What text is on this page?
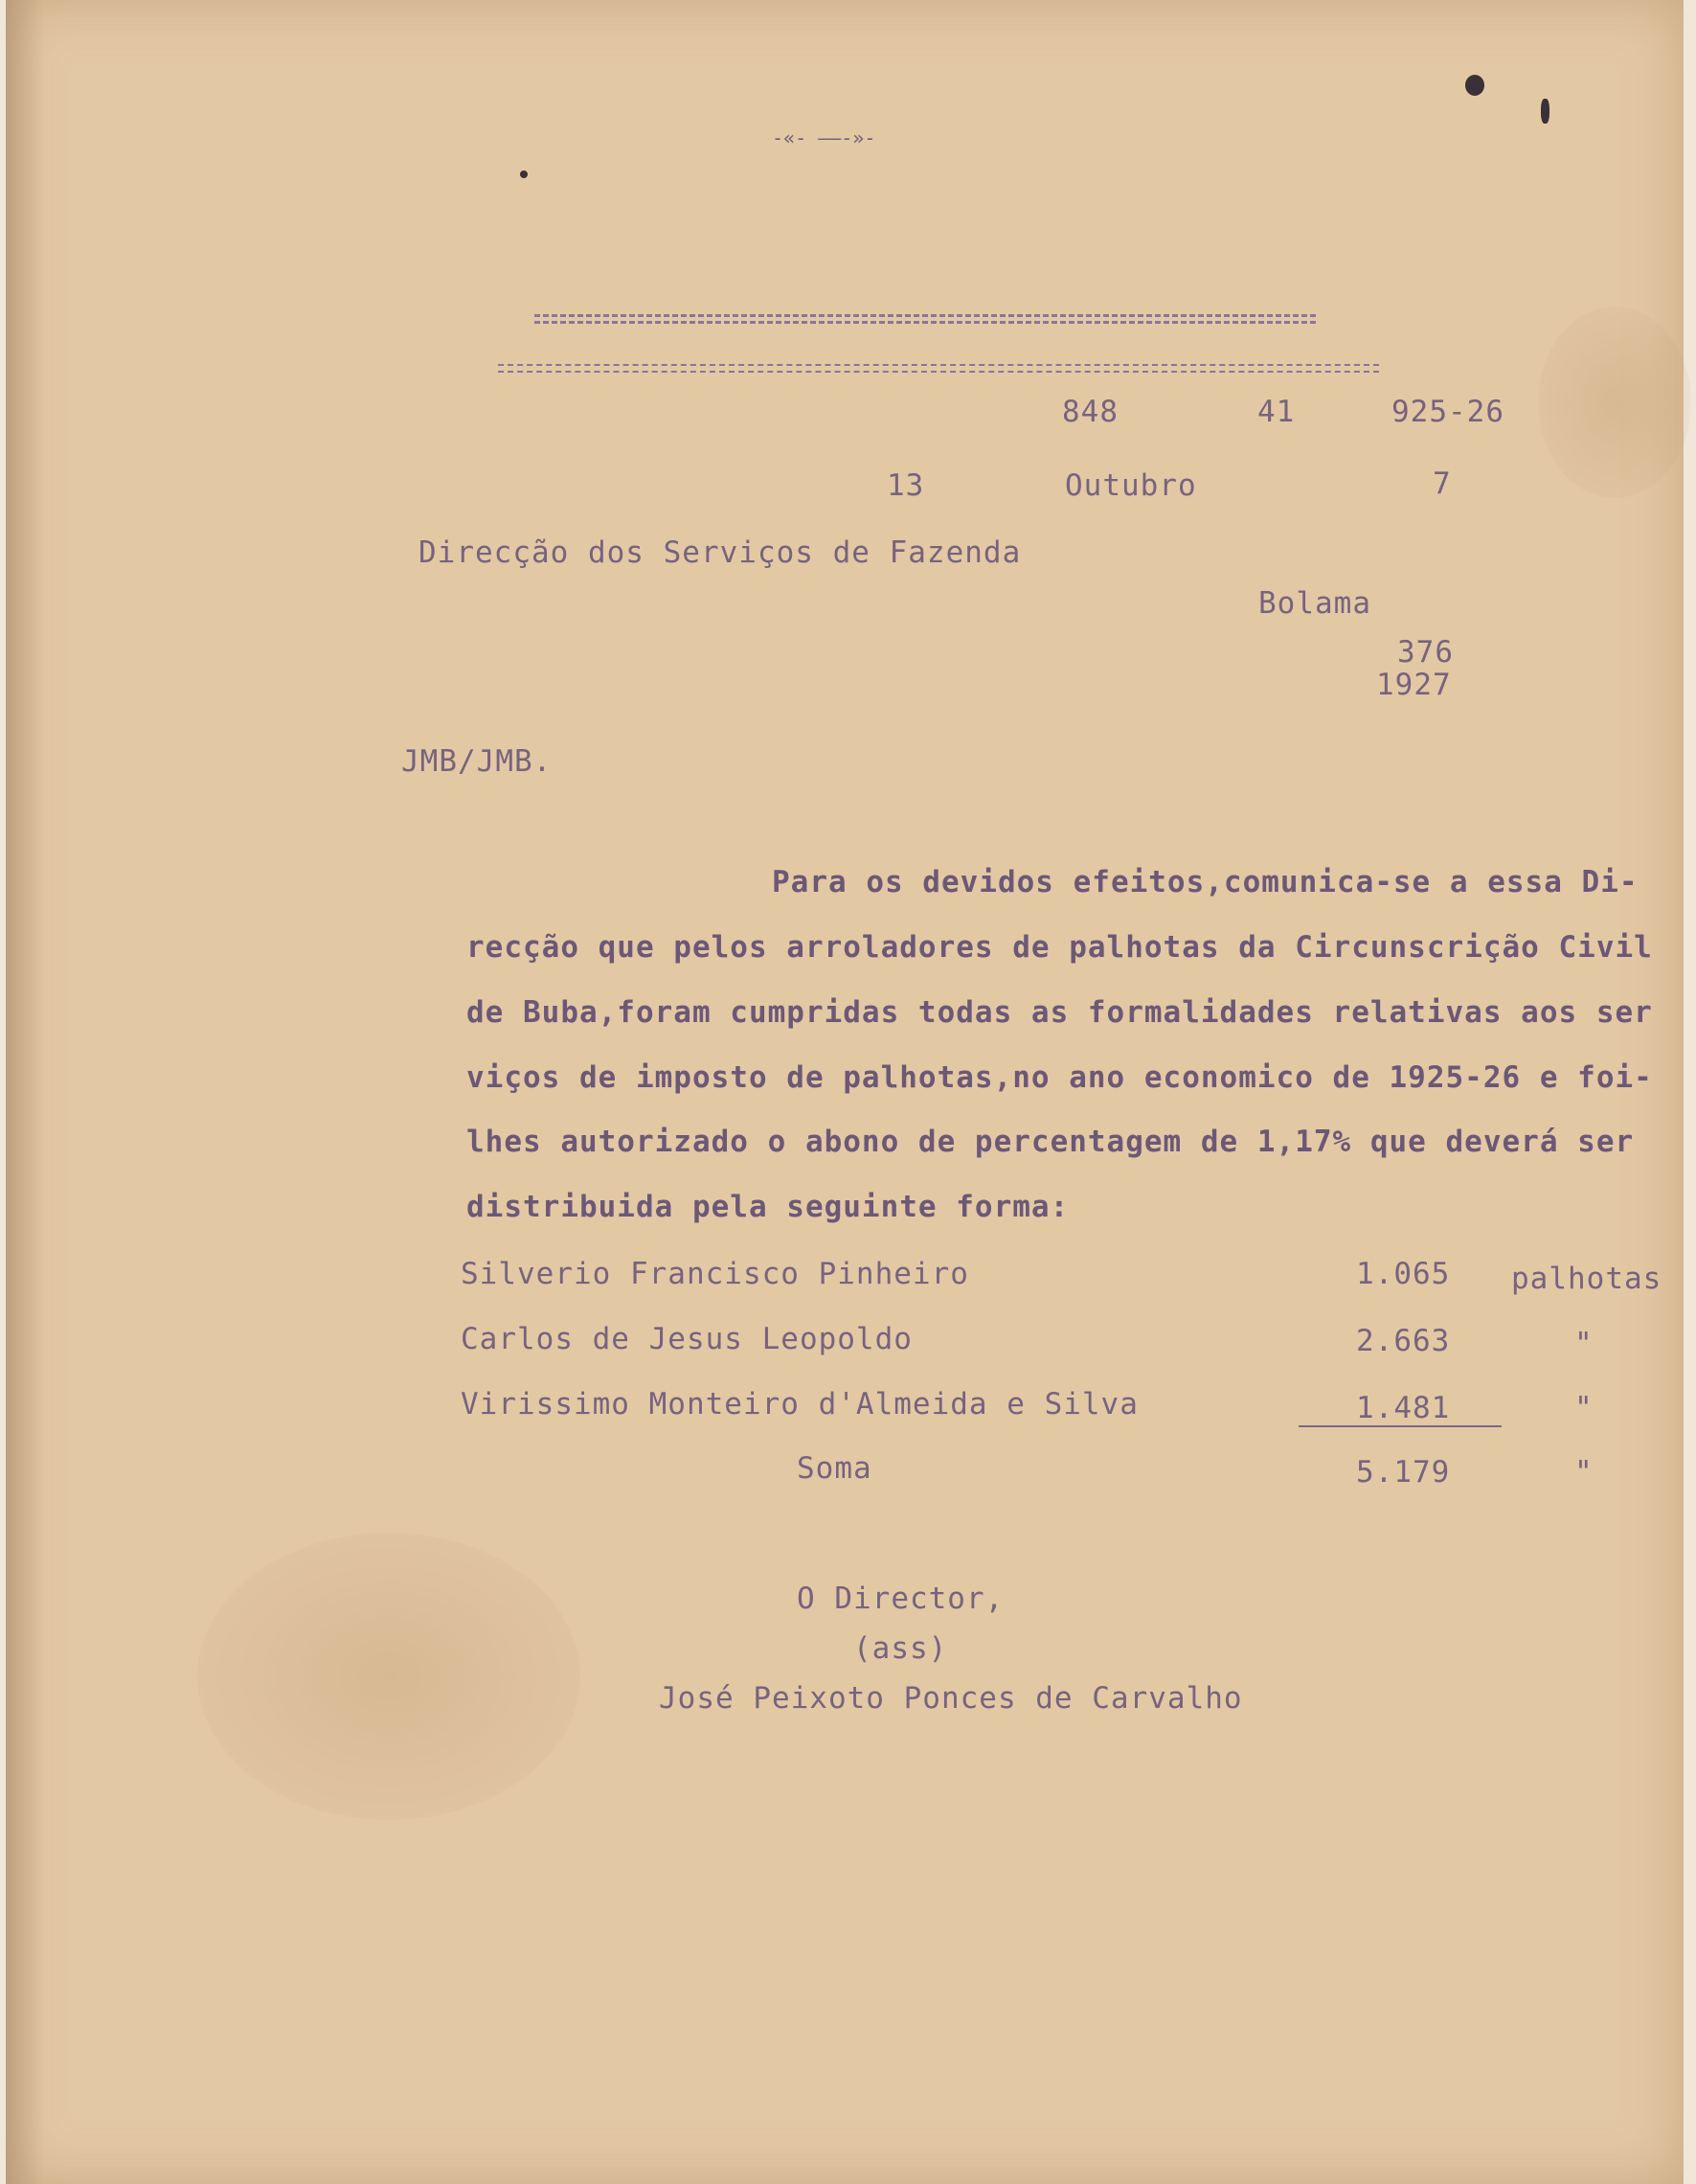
-«- ——-»-
848	41	925-26
13	Outubro	7
Direcção dos Serviços de Fazenda
Bolama
376
1927
JMB/JMB.
Para os devidos efeitos,comunica-se a essa Di-
recção que pelos arroladores de palhotas da Circunscrição Civil
de Buba,foram cumpridas todas as formalidades relativas aos ser
viços de imposto de palhotas,no ano economico de 1925-26 e foi-
lhes autorizado o abono de percentagem de 1,17% que deverá ser
distribuida pela seguinte forma:
Silverio Francisco Pinheiro	1.065 palhotas
Carlos de Jesus Leopoldo	2.663	"
Virissimo Monteiro d'Almeida e Silva	1.481	"
Soma	5.179	"
O Director,
(ass)
José Peixoto Ponces de Carvalho
